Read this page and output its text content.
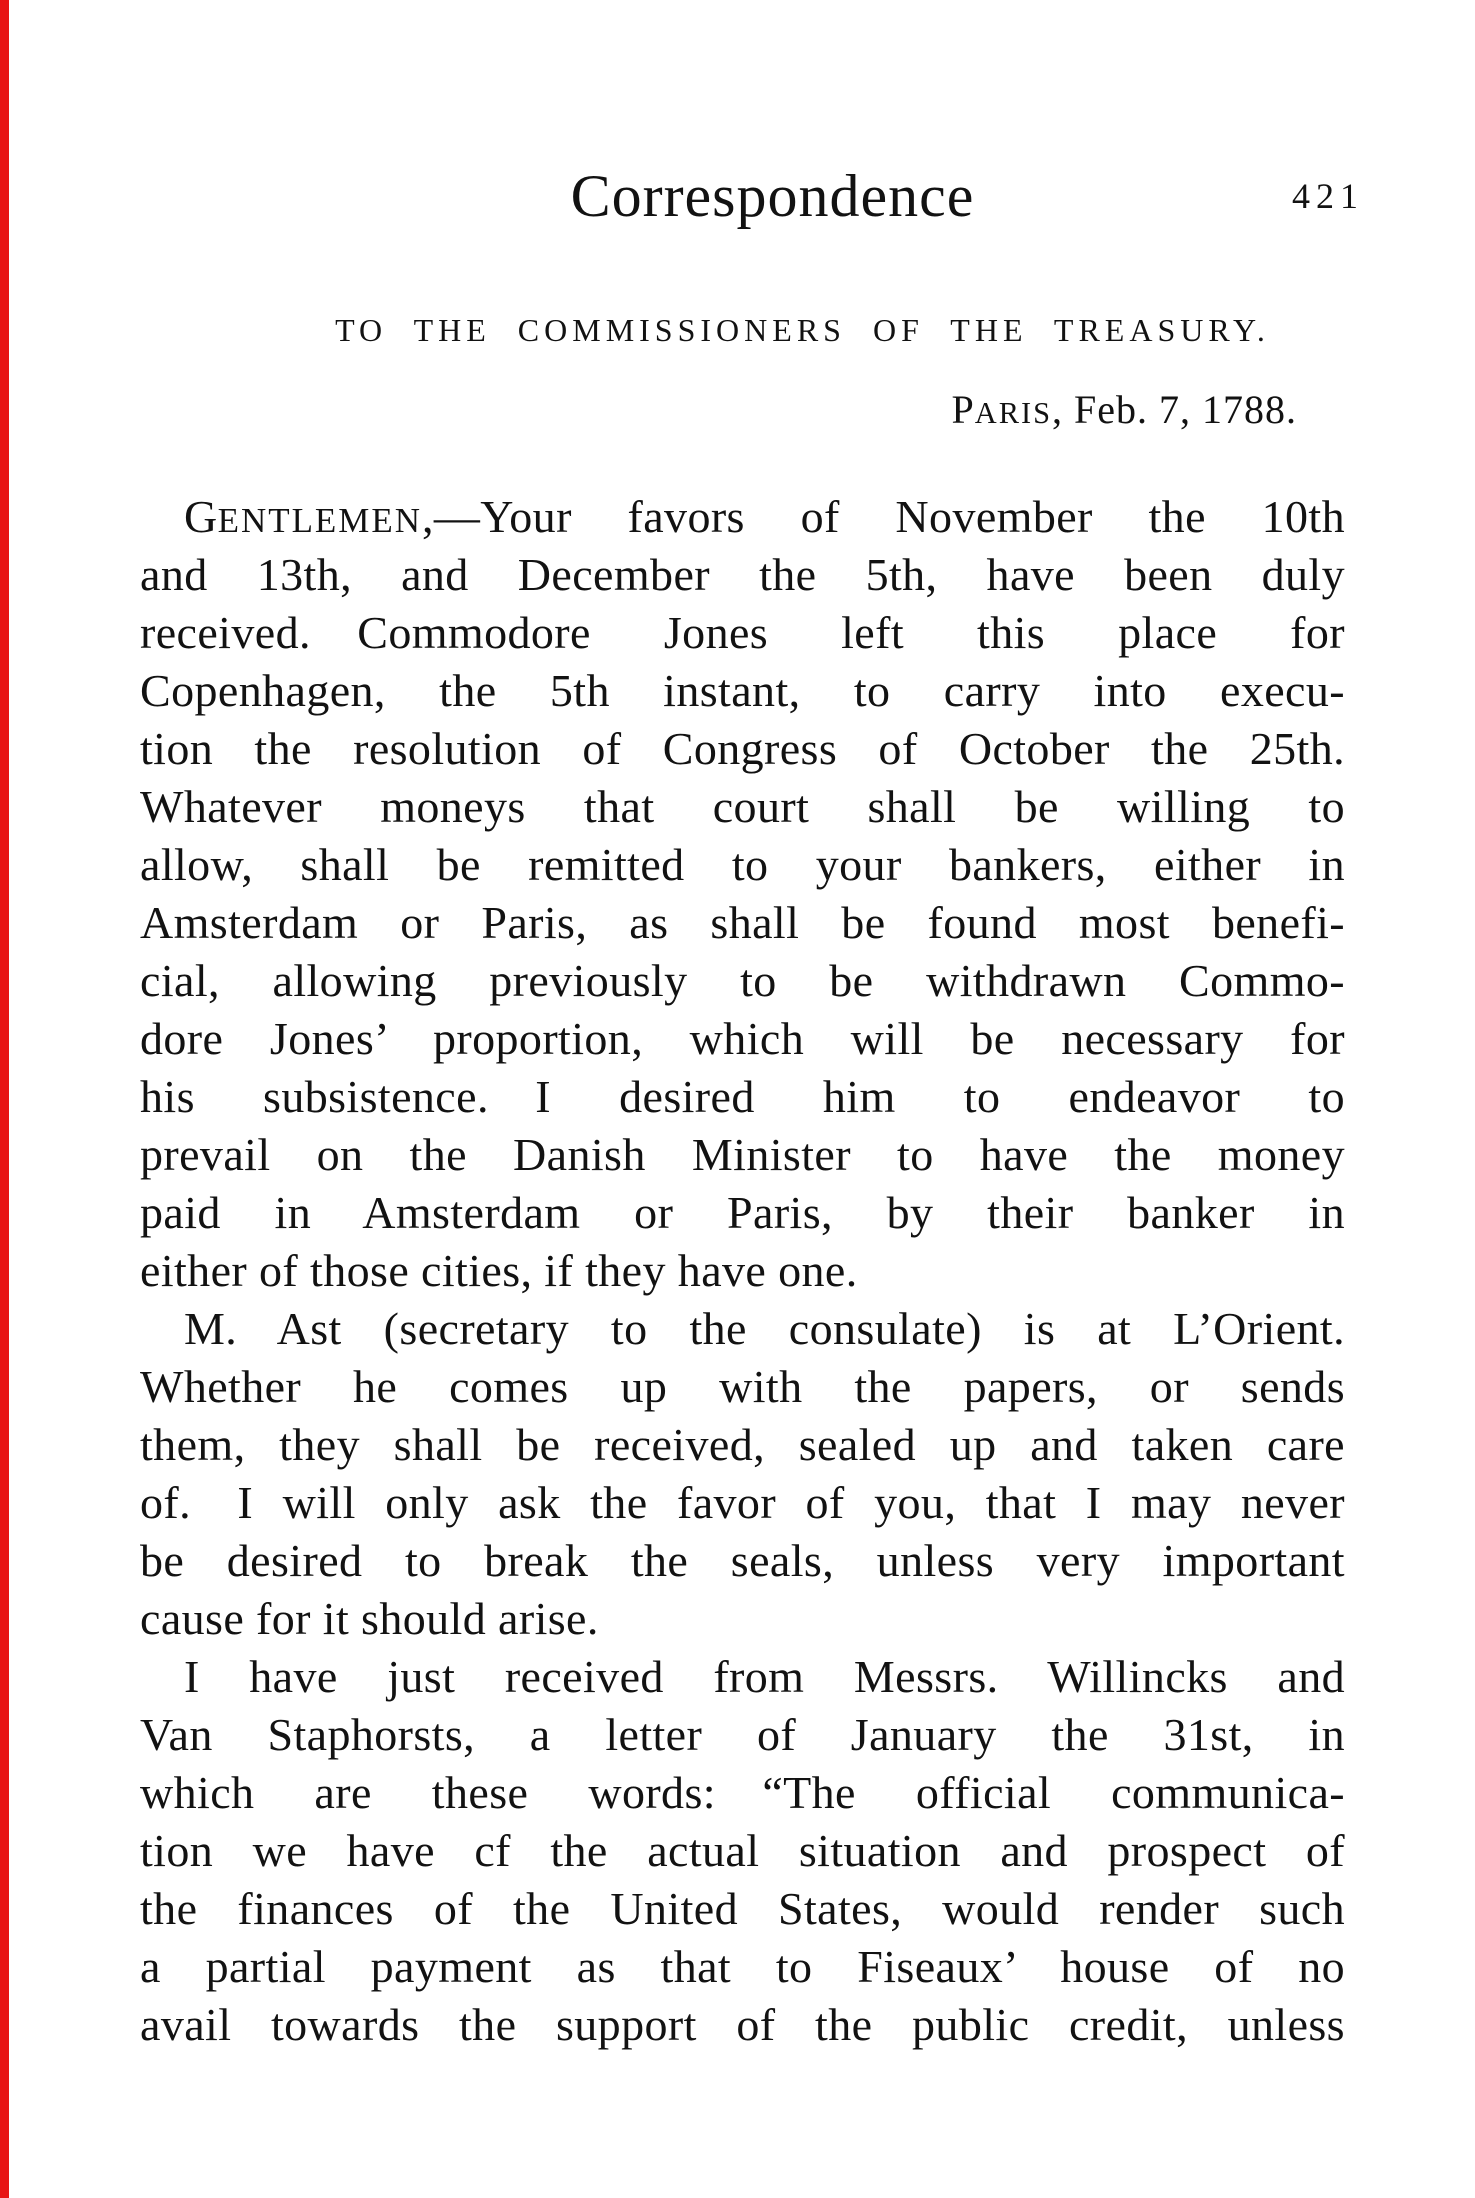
Correspondence	421
TO THE COMMISSIONERS OF THE TREASURY.
PARIS, Feb. 7, 1788.
GENTLEMEN,—Your favors of November the 10th
and 13th, and December the 5th, have been duly
received. Commodore Jones left this place for
Copenhagen, the 5th instant, to carry into execu-
tion the resolution of Congress of October the 25th.
Whatever moneys that court shall be willing to
allow, shall be remitted to your bankers, either in
Amsterdam or Paris, as shall be found most benefi-
cial, allowing previously to be withdrawn Commo-
dore Jones’ proportion, which will be necessary for
his subsistence. I desired him to endeavor to
prevail on the Danish Minister to have the money
paid in Amsterdam or Paris, by their banker in
either of those cities, if they have one.
M. Ast (secretary to the consulate) is at L’Orient.
Whether he comes up with the papers, or sends
them, they shall be received, sealed up and taken care
of. I will only ask the favor of you, that I may never
be desired to break the seals, unless very important
cause for it should arise.
I have just received from Messrs. Willincks and
Van Staphorsts, a letter of January the 31st, in
which are these words: “The official communica-
tion we have cf the actual situation and prospect of
the finances of the United States, would render such
a partial payment as that to Fiseaux’ house of no
avail towards the support of the public credit, unless
